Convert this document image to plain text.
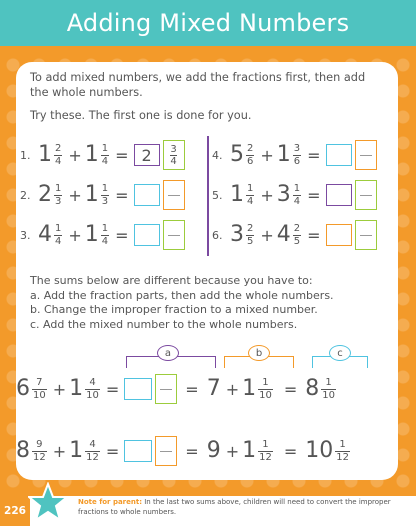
Adding Mixed Numbers
To add mixed numbers, we add the fractions first, then add the whole numbers.
Try these. The first one is done for you.
1. $1 \frac{2}{4} + 1 \frac{1}{4} = 2$	$\frac{3}{4}$
2. $2 \frac{1}{3} + 1 \frac{1}{3}$ =
3. $4 \frac{1}{4} + 1 \frac{1}{4}$ =
4. $5 \frac{2}{6} + 1 \frac{3}{6}$ =
5. $1 \frac{1}{4} + 3 \frac{1}{4}$ =
6. $3 \frac{2}{5} + 4 \frac{2}{5}$ =
The sums below are different because you have to:
a. Add the fraction parts, then add the whole numbers.
b. Change the improper fraction to a mixed number.
c. Add the mixed number to the whole numbers.
a	b	c
$6 \frac{7}{10} + 1 \frac{4}{10}$ =	= $7 + 1 \frac{1}{10} = 8 \frac{1}{10}$
$8 \frac{9}{12} + 1 \frac{4}{12}$ =	= $9 + 1 \frac{1}{12} = 10 \frac{1}{12}$
226
Note for parent: In the last two sums above, children will need to convert the improper fractions to whole numbers.
